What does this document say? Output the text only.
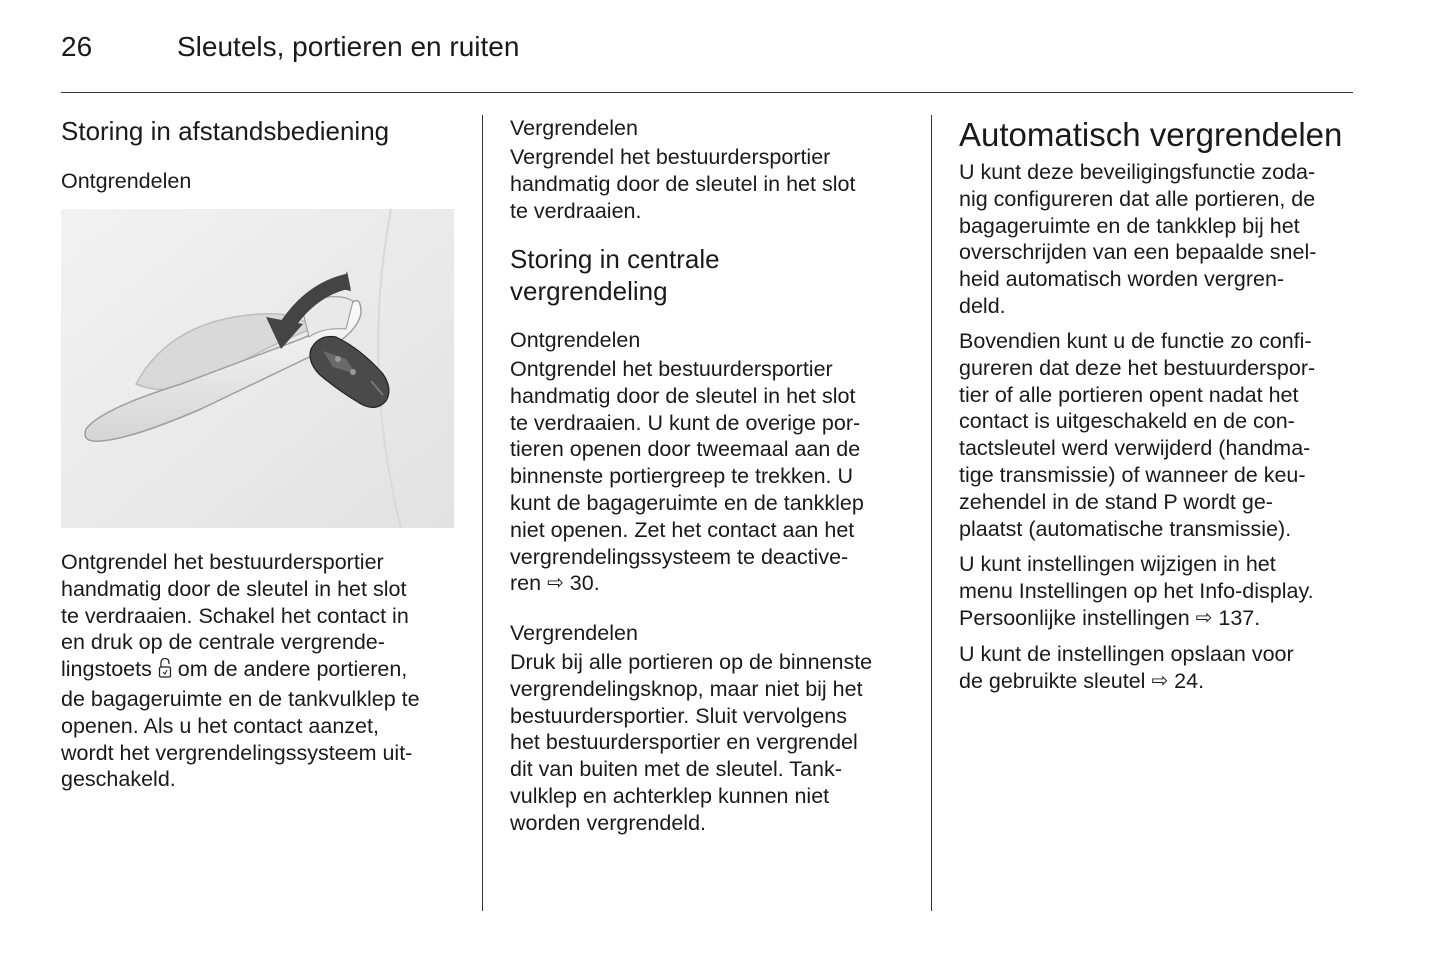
26	Sleutels, portieren en ruiten
Storing in afstandsbediening
Ontgrendelen

Ontgrendel het bestuurdersportier
handmatig door de sleutel in het slot
te verdraaien. Schakel het contact in
en druk op de centrale vergrende-
lingstoets  om de andere portieren,
de bagageruimte en de tankvulklep te
openen. Als u het contact aanzet,
wordt het vergrendelingssysteem uit-
geschakeld.

Vergrendelen

Vergrendel het bestuurdersportier
handmatig door de sleutel in het slot
te verdraaien.

Storing in centrale
vergrendeling
Ontgrendelen

Ontgrendel het bestuurdersportier
handmatig door de sleutel in het slot
te verdraaien. U kunt de overige por-
tieren openen door tweemaal aan de
binnenste portiergreep te trekken. U
kunt de bagageruimte en de tankklep
niet openen. Zet het contact aan het
vergrendelingssysteem te deactive-
ren ⇨ 30.

Vergrendelen

Druk bij alle portieren op de binnenste
vergrendelingsknop, maar niet bij het
bestuurdersportier. Sluit vervolgens
het bestuurdersportier en vergrendel
dit van buiten met de sleutel. Tank-
vulklep en achterklep kunnen niet
worden vergrendeld.

Automatisch vergrendelen

U kunt deze beveiligingsfunctie zoda-
nig configureren dat alle portieren, de
bagageruimte en de tankklep bij het
overschrijden van een bepaalde snel-
heid automatisch worden vergren-
deld.

Bovendien kunt u de functie zo confi-
gureren dat deze het bestuurderspor-
tier of alle portieren opent nadat het
contact is uitgeschakeld en de con-
tactsleutel werd verwijderd (handma-
tige transmissie) of wanneer de keu-
zehendel in de stand P wordt ge-
plaatst (automatische transmissie).

U kunt instellingen wijzigen in het
menu Instellingen op het Info-display.
Persoonlijke instellingen ⇨ 137.

U kunt de instellingen opslaan voor
de gebruikte sleutel ⇨ 24.
